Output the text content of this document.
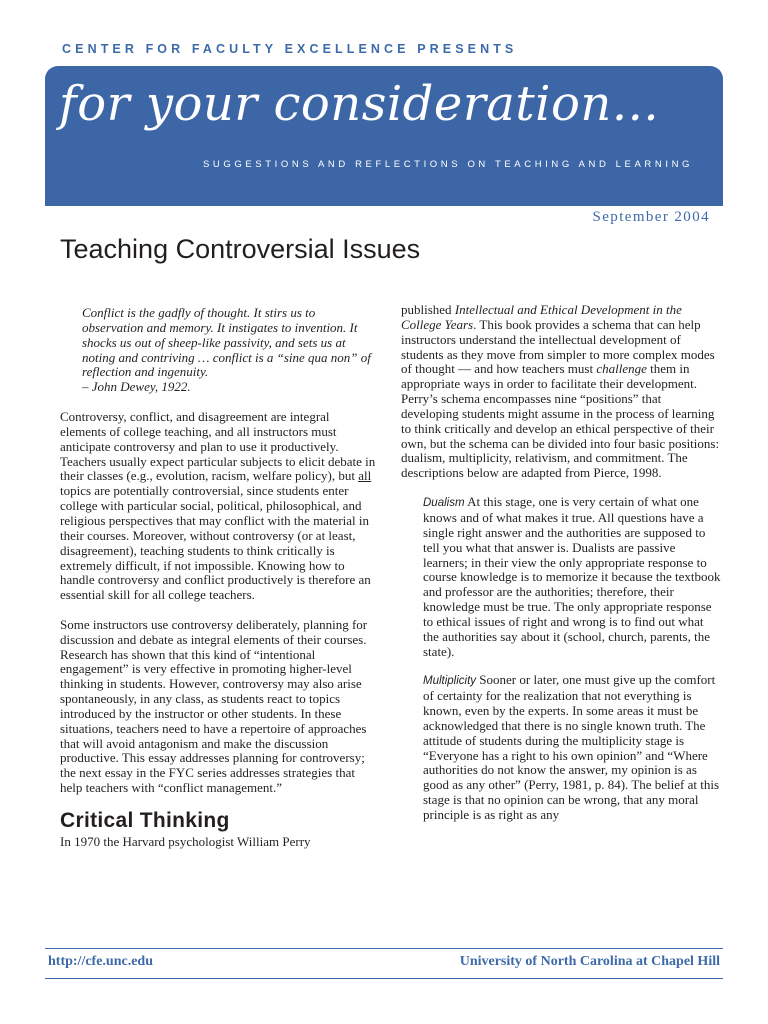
CENTER FOR FACULTY EXCELLENCE PRESENTS

for your consideration...

SUGGESTIONS AND REFLECTIONS ON TEACHING AND LEARNING

September 2004
Teaching Controversial Issues

Conflict is the gadfly of thought. It stirs us to observation and memory. It instigates to invention. It shocks us out of sheep-like passivity, and sets us at noting and contriving … conflict is a “sine qua non” of reflection and ingenuity.

– John Dewey, 1922.

Controversy, conflict, and disagreement are integral elements of college teaching, and all instructors must anticipate controversy and plan to use it productively. Teachers usually expect particular subjects to elicit debate in their classes (e.g., evolution, racism, welfare policy), but all topics are potentially controversial, since students enter college with particular social, political, philosophical, and religious perspectives that may conflict with the material in their courses. Moreover, without controversy (or at least, disagreement), teaching students to think critically is extremely difficult, if not impossible. Knowing how to handle controversy and conflict productively is therefore an essential skill for all college teachers.

Some instructors use controversy deliberately, planning for discussion and debate as integral elements of their courses. Research has shown that this kind of “intentional engagement” is very effective in promoting higher-level thinking in students. However, controversy may also arise spontaneously, in any class, as students react to topics introduced by the instructor or other students. In these situations, teachers need to have a repertoire of approaches that will avoid antagonism and make the discussion productive. This essay addresses planning for controversy; the next essay in the FYC series addresses strategies that help teachers with “conflict management.”

Critical Thinking

In 1970 the Harvard psychologist William Perry

published Intellectual and Ethical Development in the College Years. This book provides a schema that can help instructors understand the intellectual development of students as they move from simpler to more complex modes of thought — and how teachers must challenge them in appropriate ways in order to facilitate their development. Perry’s schema encompasses nine “positions” that developing students might assume in the process of learning to think critically and develop an ethical perspective of their own, but the schema can be divided into four basic positions: dualism, multiplicity, relativism, and commitment. The descriptions below are adapted from Pierce, 1998.

Dualism At this stage, one is very certain of what one knows and of what makes it true. All questions have a single right answer and the authorities are supposed to tell you what that answer is. Dualists are passive learners; in their view the only appropriate response to course knowledge is to memorize it because the textbook and professor are the authorities; therefore, their knowledge must be true. The only appropriate response to ethical issues of right and wrong is to find out what the authorities say about it (school, church, parents, the state).

Multiplicity Sooner or later, one must give up the comfort of certainty for the realization that not everything is known, even by the experts. In some areas it must be acknowledged that there is no single known truth. The attitude of students during the multiplicity stage is “Everyone has a right to his own opinion” and “Where authorities do not know the answer, my opinion is as good as any other” (Perry, 1981, p. 84). The belief at this stage is that no opinion can be wrong, that any moral principle is as right as any

http://cfe.unc.edu	University of North Carolina at Chapel Hill
